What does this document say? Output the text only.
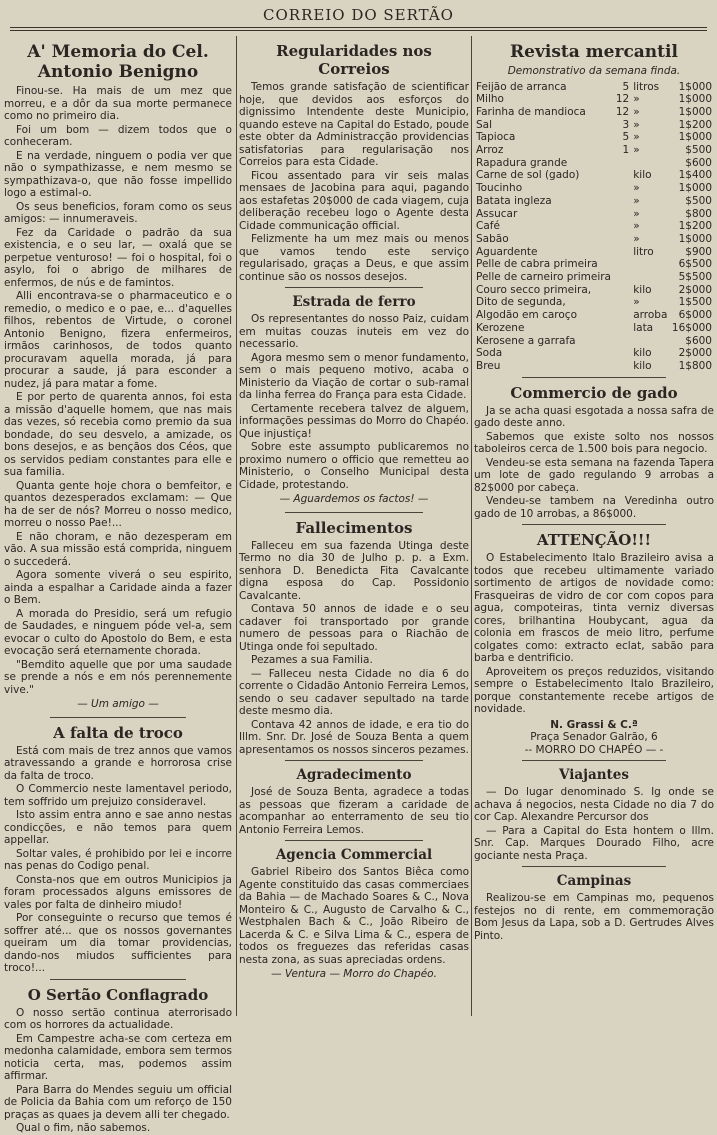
CORREIO DO SERTÃO
A' Memoria do Cel. Antonio Benigno

Finou-se. Ha mais de um mez que morreu, e a dôr da sua morte permanece como no primeiro dia.

Foi um bom — dizem todos que o conheceram.

E na verdade, ninguem o podia ver que não o sympathizasse, e nem mesmo se sympathizava-o, que não fosse impellido logo a estimal-o.

Os seus beneficios, foram como os seus amigos: — innumeraveis.

Fez da Caridade o padrão da sua existencia, e o seu lar, — oxalá que se perpetue venturoso! — foi o hospital, foi o asylo, foi o abrigo de milhares de enfermos, de nús e de famintos.

Alli encontrava-se o pharmaceutico e o remedio, o medico e o pae, e... d'aquelles filhos, rebentos de Virtude, o coronel Antonio Benigno, fizera enfermeiros, irmãos carinhosos, de todos quanto procuravam aquella morada, já para procurar a saude, já para esconder a nudez, já para matar a fome.

E por perto de quarenta annos, foi esta a missão d'aquelle homem, que nas mais das vezes, só recebia como premio da sua bondade, do seu desvelo, a amizade, os bons desejos, e as bençãos dos Céos, que os servidos pediam constantes para elle e sua familia.

Quanta gente hoje chora o bemfeitor, e quantos dezesperados exclamam: — Que ha de ser de nós? Morreu o nosso medico, morreu o nosso Pae!...

E não choram, e não dezesperam em vão. A sua missão está comprida, ninguem o succederá.

Agora somente viverá o seu espirito, ainda a espalhar a Caridade ainda a fazer o Bem.

A morada do Presidio, será um refugio de Saudades, e ninguem póde vel-a, sem evocar o culto do Apostolo do Bem, e esta evocação será eternamente chorada.

"Bemdito aquelle que por uma saudade se prende a nós e em nós perennemente vive."

— Um amigo —
A falta de troco

Está com mais de trez annos que vamos atravessando a grande e horrorosa crise da falta de troco.

O Commercio neste lamentavel periodo, tem soffrido um prejuizo consideravel.

Isto assim entra anno e sae anno nestas condicções, e não temos para quem appellar.

Soltar vales, é prohibido por lei e incorre nas penas do Codigo penal.

Consta-nos que em outros Municipios ja foram processados alguns emissores de vales por falta de dinheiro miudo!

Por conseguinte o recurso que temos é soffrer até... que os nossos governantes queiram um dia tomar providencias, dando-nos miudos sufficientes para troco!...

O Sertão Conflagrado

O nosso sertão continua aterrorisado com os horrores da actualidade.

Em Campestre acha-se com certeza em medonha calamidade, embora sem termos noticia certa, mas, podemos assim affirmar.

Para Barra do Mendes seguiu um official de Policia da Bahia com um reforço de 150 praças as quaes ja devem alli ter chegado.

Qual o fim, não sabemos.

Regularidades nos Correios

Temos grande satisfação de scientificar hoje, que devidos aos esforços do dignissimo Intendente deste Municipio, quando esteve na Capital do Estado, poude este obter da Administracção providencias satisfatorias para regularisação nos Correios para esta Cidade.

Ficou assentado para vir seis malas mensaes de Jacobina para aqui, pagando aos estafetas 20$000 de cada viagem, cuja deliberação recebeu logo o Agente desta Cidade communicação official.

Felizmente ha um mez mais ou menos que vamos tendo este serviço regularisado, graças a Deus, e que assim continue são os nossos desejos.

Estrada de ferro

Os representantes do nosso Paiz, cuidam em muitas couzas inuteis em vez do necessario.

Agora mesmo sem o menor fundamento, sem o mais pequeno motivo, acaba o Ministerio da Viação de cortar o sub-ramal da linha ferrea do França para esta Cidade.

Certamente recebera talvez de alguem, informações pessimas do Morro do Chapéo. Que injustiça!

Sobre este assumpto publicaremos no proximo numero o officio que remetteu ao Ministerio, o Conselho Municipal desta Cidade, protestando.

— Aguardemos os factos! —
Fallecimentos

Falleceu em sua fazenda Utinga deste Termo no dia 30 de Julho p. p. a Exm. senhora D. Benedicta Fita Cavalcante digna esposa do Cap. Possidonio Cavalcante.

Contava 50 annos de idade e o seu cadaver foi transportado por grande numero de pessoas para o Riachão de Utinga onde foi sepultado.

Pezames a sua Familia.

— Falleceu nesta Cidade no dia 6 do corrente o Cidadão Antonio Ferreira Lemos, sendo o seu cadaver sepultado na tarde deste mesmo dia.

Contava 42 annos de idade, e era tio do Illm. Snr. Dr. José de Souza Benta a quem apresentamos os nossos sinceros pezames.

Agradecimento

José de Souza Benta, agradece a todas as pessoas que fizeram a caridade de acompanhar ao enterramento de seu tio Antonio Ferreira Lemos.

Agencia Commercial

Gabriel Ribeiro dos Santos Biêca como Agente constituido das casas commerciaes da Bahia — de Machado Soares & C., Nova Monteiro & C., Augusto de Carvalho & C., Westphalen Bach & C., João Ribeiro de Lacerda & C. e Silva Lima & C., espera de todos os freguezes das referidas casas nesta zona, as suas apreciadas ordens.

— Ventura — Morro do Chapéo.
Revista mercantil
Demonstrativo da semana finda.
Feijão de arranca	5	litros	1$000
Milho	12	»	1$000
Farinha de mandioca	12	»	1$000
Sal	3	»	1$200
Tapioca	5	»	1$000
Arroz	1	»	$500
Rapadura grande			$600
Carne de sol (gado)		kilo	1$400
Toucinho		»	1$000
Batata ingleza		»	$500
Assucar		»	$800
Café		»	1$200
Sabão		»	1$000
Aguardente		litro	$900
Pelle de cabra primeira			6$500
Pelle de carneiro primeira			5$500
Couro secco primeira,		kilo	2$000
Dito de segunda,		»	1$500
Algodão em caroço		arroba	6$000
Kerozene		lata	16$000
Kerosene a garrafa			$600
Soda		kilo	2$000
Breu		kilo	1$800
Commercio de gado

Ja se acha quasi esgotada a nossa safra de gado deste anno.

Sabemos que existe solto nos nossos taboleiros cerca de 1.500 bois para negocio.

Vendeu-se esta semana na fazenda Tapera um lote de gado regulando 9 arrobas a 82$000 por cabeça.

Vendeu-se tambem na Veredinha outro gado de 10 arrobas, a 86$000.

ATTENÇÃO!!!

O Estabelecimento Italo Brazileiro avisa a todos que recebeu ultimamente variado sortimento de artigos de novidade como: Frasqueiras de vidro de cor com copos para agua, compoteiras, tinta verniz diversas cores, brilhantina Houbycant, agua da colonia em frascos de meio litro, perfume colgates como: extracto eclat, sabão para barba e dentrificio.

Aproveitem os preços reduzidos, visitando sempre o Estabelecimento Italo Brazileiro, porque constantemente recebe artigos de novidade.

N. Grassi & C.ª
Praça Senador Galrão, 6
-- MORRO DO CHAPÉO — -
Viajantes

— Do lugar denominado S. Ig onde se achava á negocios, nesta Cidade no dia 7 do cor Cap. Alexandre Percursor dos

— Para a Capital do Esta hontem o Illm. Snr. Cap. Marques Dourado Filho, acre gociante nesta Praça.

Campinas

Realizou-se em Campinas mo, pequenos festejos no di rente, em commemoração Bom Jesus da Lapa, sob a D. Gertrudes Alves Pinto.
